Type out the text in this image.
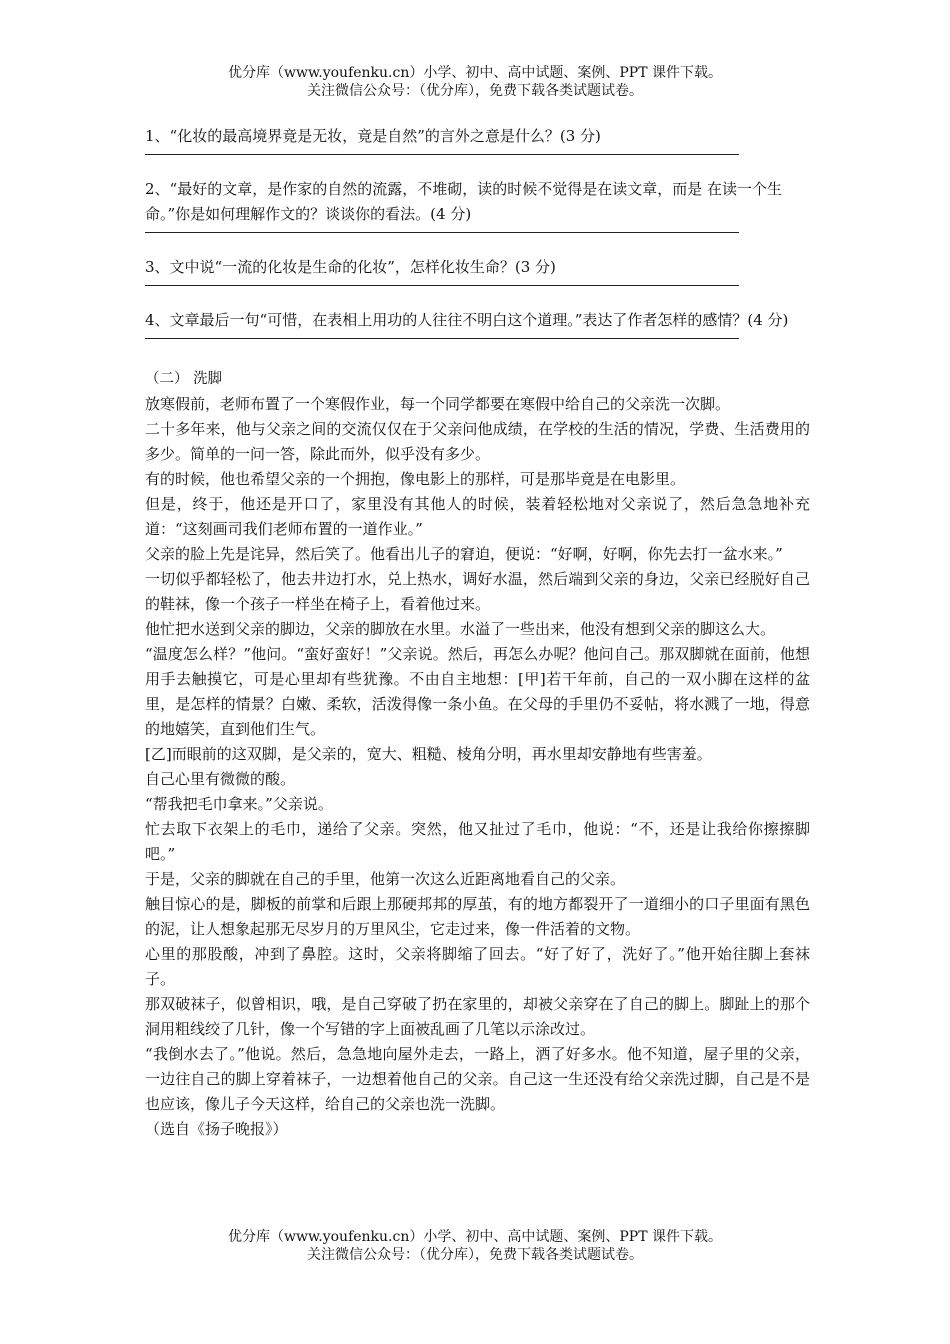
优分库（www.youfenku.cn）小学、初中、高中试题、案例、PPT 课件下载。
关注微信公众号：（优分库），免费下载各类试题试卷。

1、“化妆的最高境界竟是无妆，竟是自然”的言外之意是什么？(3 分)

2、“最好的文章，是作家的自然的流露，不堆砌，读的时候不觉得是在读文章，而是 在读一个生命。”你是如何理解作文的？谈谈你的看法。(4 分)

3、文中说“一流的化妆是生命的化妆”，怎样化妆生命？(3 分)

4、文章最后一句“可惜，在表相上用功的人往往不明白这个道理。”表达了作者怎样的感情？(4 分)

（二） 洗脚

放寒假前，老师布置了一个寒假作业，每一个同学都要在寒假中给自己的父亲洗一次脚。

二十多年来，他与父亲之间的交流仅仅在于父亲问他成绩，在学校的生活的情况，学费、生活费用的多少。简单的一问一答，除此而外，似乎没有多少。

有的时候，他也希望父亲的一个拥抱，像电影上的那样，可是那毕竟是在电影里。

但是，终于，他还是开口了，家里没有其他人的时候，装着轻松地对父亲说了，然后急急地补充道：“这刻画司我们老师布置的一道作业。”

父亲的脸上先是诧异，然后笑了。他看出儿子的窘迫，便说：“好啊，好啊，你先去打一盆水来。”

一切似乎都轻松了，他去井边打水，兑上热水，调好水温，然后端到父亲的身边，父亲已经脱好自己的鞋袜，像一个孩子一样坐在椅子上，看着他过来。

他忙把水送到父亲的脚边，父亲的脚放在水里。水溢了一些出来，他没有想到父亲的脚这么大。

“温度怎么样？”他问。“蛮好蛮好！”父亲说。然后，再怎么办呢？他问自己。那双脚就在面前，他想用手去触摸它，可是心里却有些犹豫。不由自主地想：[甲]若干年前，自己的一双小脚在这样的盆里，是怎样的情景？白嫩、柔软，活泼得像一条小鱼。在父母的手里仍不妥帖，将水溅了一地，得意的地嬉笑，直到他们生气。

[乙]而眼前的这双脚，是父亲的，宽大、粗糙、棱角分明，再水里却安静地有些害羞。

自己心里有微微的酸。

“帮我把毛巾拿来。”父亲说。

忙去取下衣架上的毛巾，递给了父亲。突然，他又扯过了毛巾，他说：“不，还是让我给你擦擦脚吧。”

于是，父亲的脚就在自己的手里，他第一次这么近距离地看自己的父亲。

触目惊心的是，脚板的前掌和后跟上那硬邦邦的厚茧，有的地方都裂开了一道细小的口子里面有黑色的泥，让人想象起那无尽岁月的万里风尘，它走过来，像一件活着的文物。

心里的那股酸，冲到了鼻腔。这时，父亲将脚缩了回去。“好了好了，洗好了。”他开始往脚上套袜子。

那双破袜子，似曾相识，哦，是自己穿破了扔在家里的，却被父亲穿在了自己的脚上。脚趾上的那个洞用粗线绞了几针，像一个写错的字上面被乱画了几笔以示涂改过。

“我倒水去了。”他说。然后，急急地向屋外走去，一路上，洒了好多水。他不知道，屋子里的父亲，一边往自己的脚上穿着袜子，一边想着他自己的父亲。自己这一生还没有给父亲洗过脚，自己是不是也应该，像儿子今天这样，给自己的父亲也洗一洗脚。

（选自《扬子晚报》）

优分库（www.youfenku.cn）小学、初中、高中试题、案例、PPT 课件下载。
关注微信公众号：（优分库），免费下载各类试题试卷。
